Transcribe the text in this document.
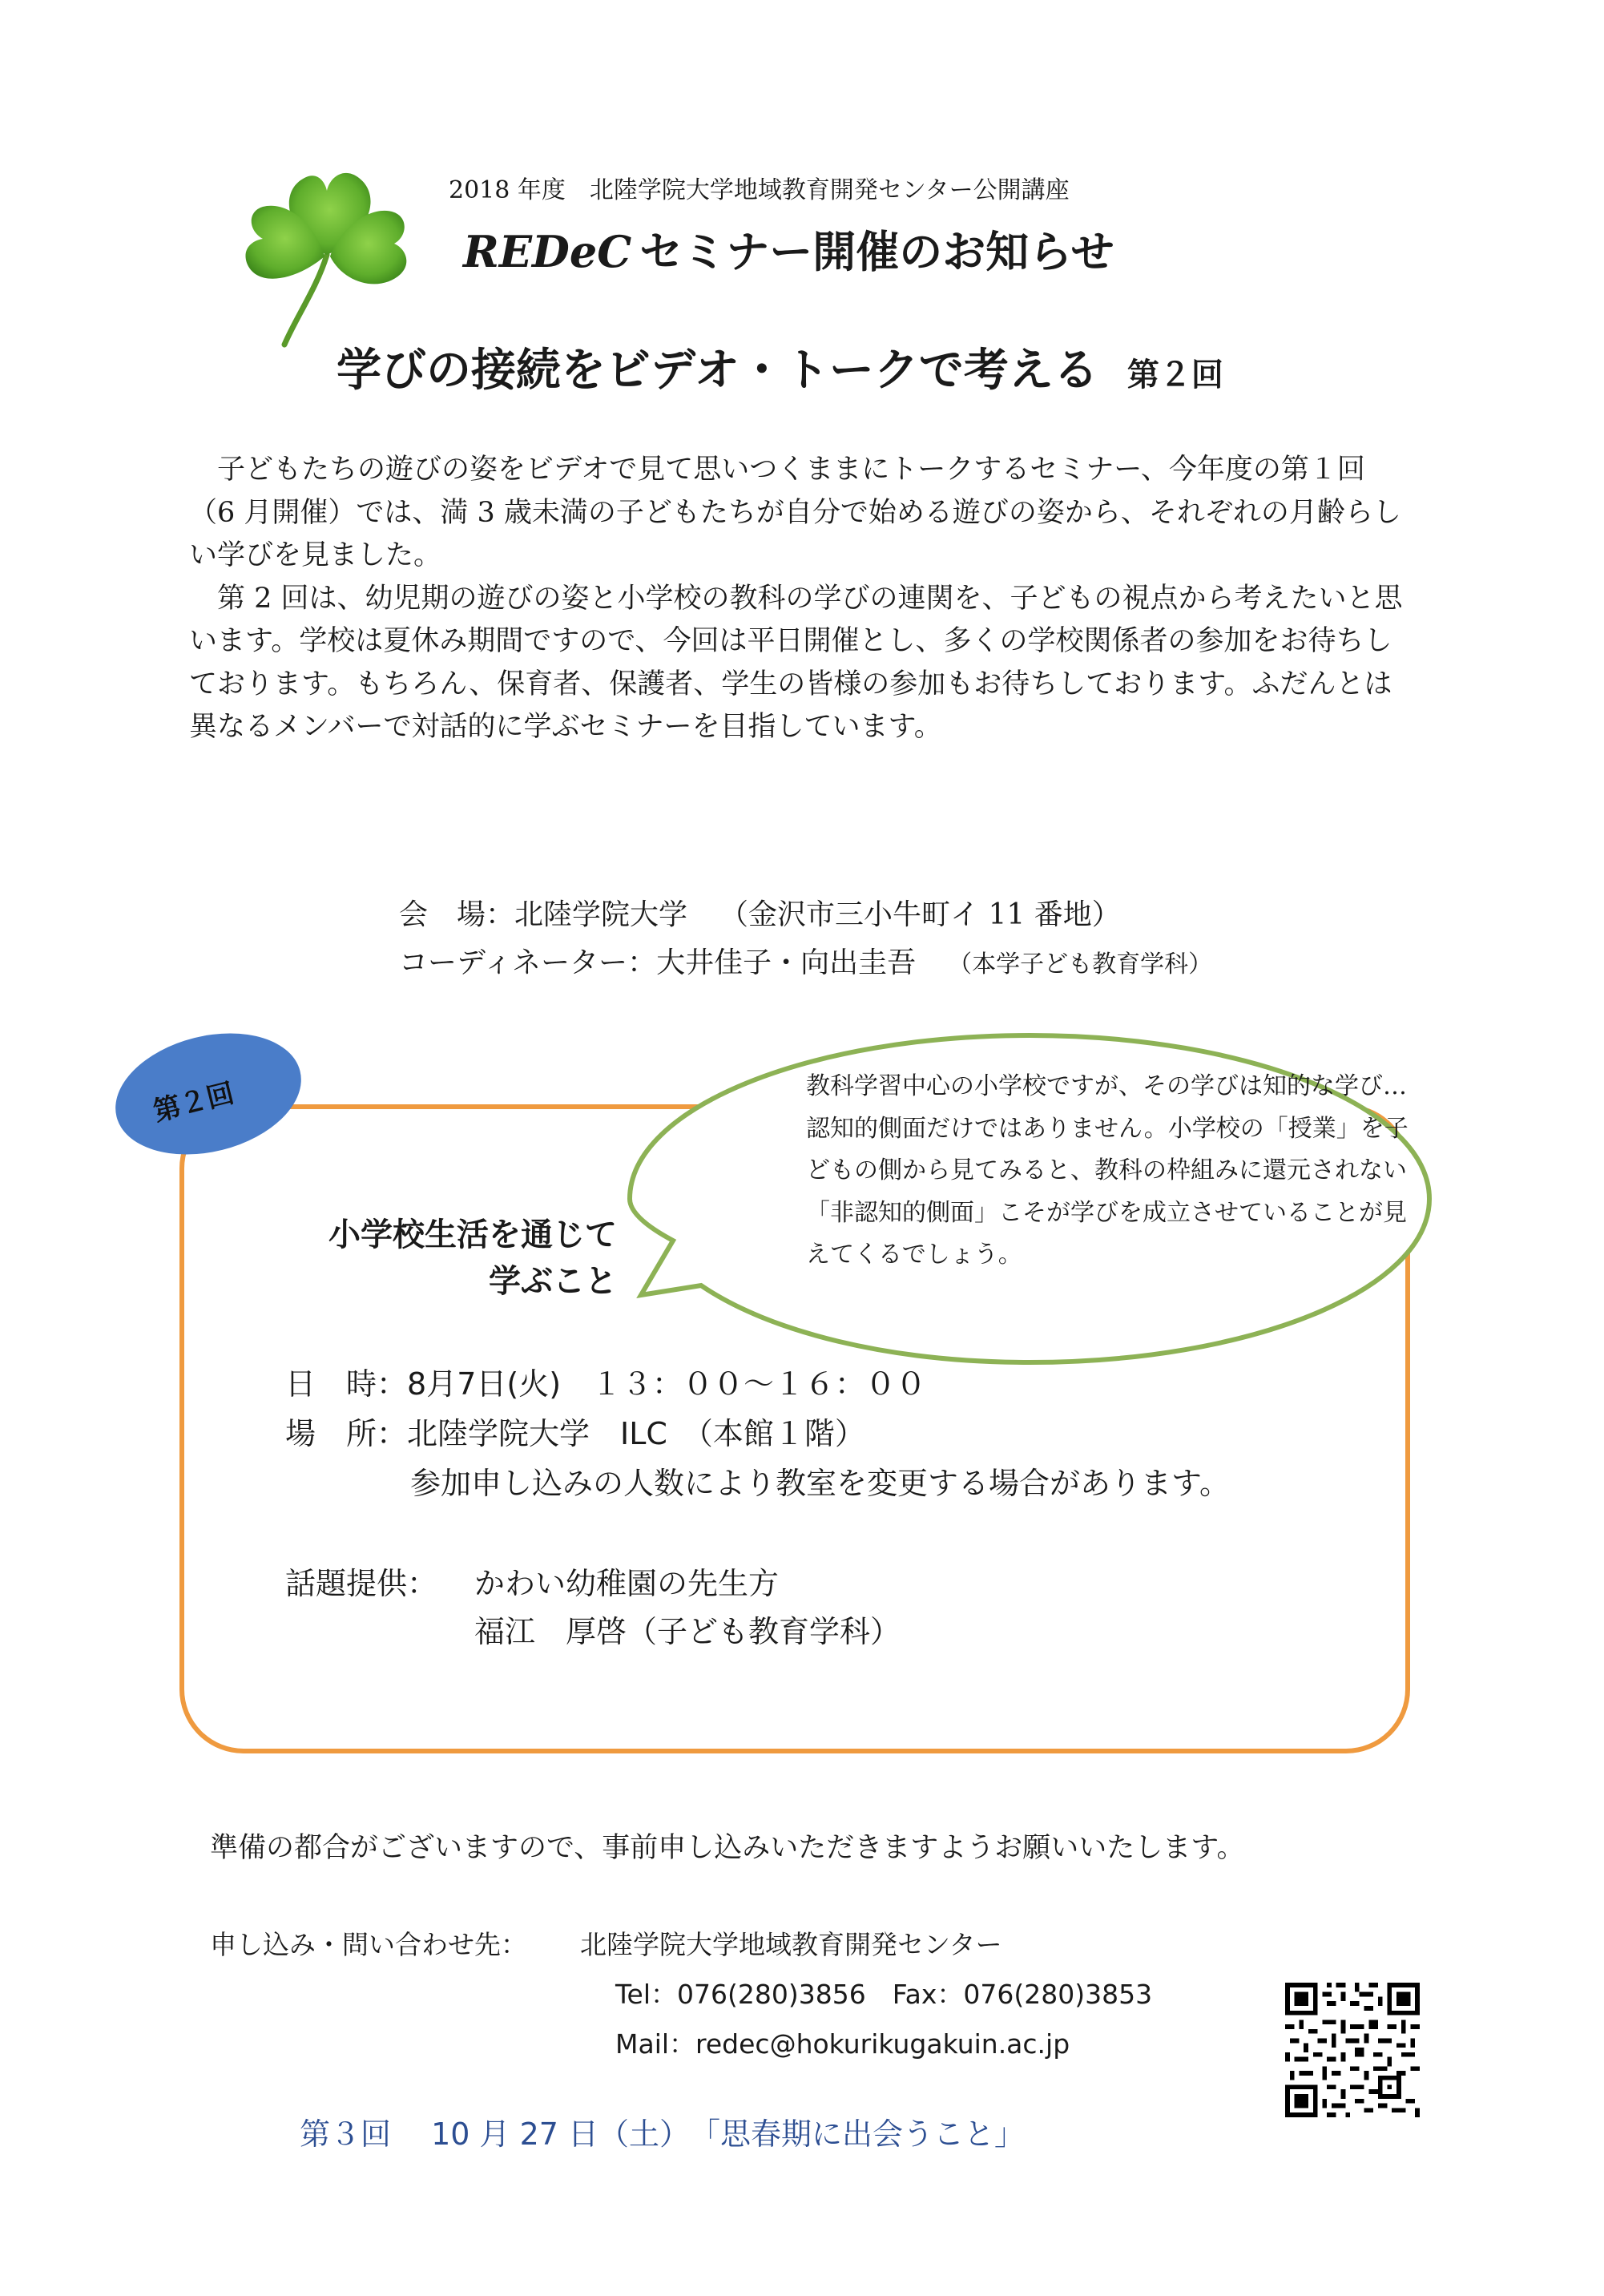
2018 年度　北陸学院大学地域教育開発センター公開講座
REDeC セミナー開催のお知らせ
学びの接続をビデオ・トークで考える 第２回

子どもたちの遊びの姿をビデオで見て思いつくままにトークするセミナー、今年度の第１回（6 月開催）では、満 3 歳未満の子どもたちが自分で始める遊びの姿から、それぞれの月齢らしい学びを見ました。

第 2 回は、幼児期の遊びの姿と小学校の教科の学びの連関を、子どもの視点から考えたいと思います。学校は夏休み期間ですので、今回は平日開催とし、多くの学校関係者の参加をお待ちしております。もちろん、保育者、保護者、学生の皆様の参加もお待ちしております。ふだんとは異なるメンバーで対話的に学ぶセミナーを目指しています。

会　場：北陸学院大学 （金沢市三小牛町イ 11 番地）
コーディネーター：大井佳子・向出圭吾 （本学子ども教育学科）
教科学習中心の小学校ですが、その学びは知的な学び…認知的側面だけではありません。小学校の「授業」を子どもの側から見てみると、教科の枠組みに還元されない「非認知的側面」こそが学びを成立させていることが見えてくるでしょう。
第２回
小学校生活を通じて
学ぶこと
日　時：8月7日(火)　１３：００～１６：００
場　所：北陸学院大学　ILC　（本館１階）
参加申し込みの人数により教室を変更する場合があります。
話題提供： かわい幼稚園の先生方
福江　厚啓（子ども教育学科）
準備の都合がございますので、事前申し込みいただきますようお願いいたします。
申し込み・問い合わせ先： 北陸学院大学地域教育開発センター
Tel：076(280)3856　Fax：076(280)3853
Mail：redec@hokurikugakuin.ac.jp
第３回　 10 月 27 日（土）　「思春期に出会うこと」
